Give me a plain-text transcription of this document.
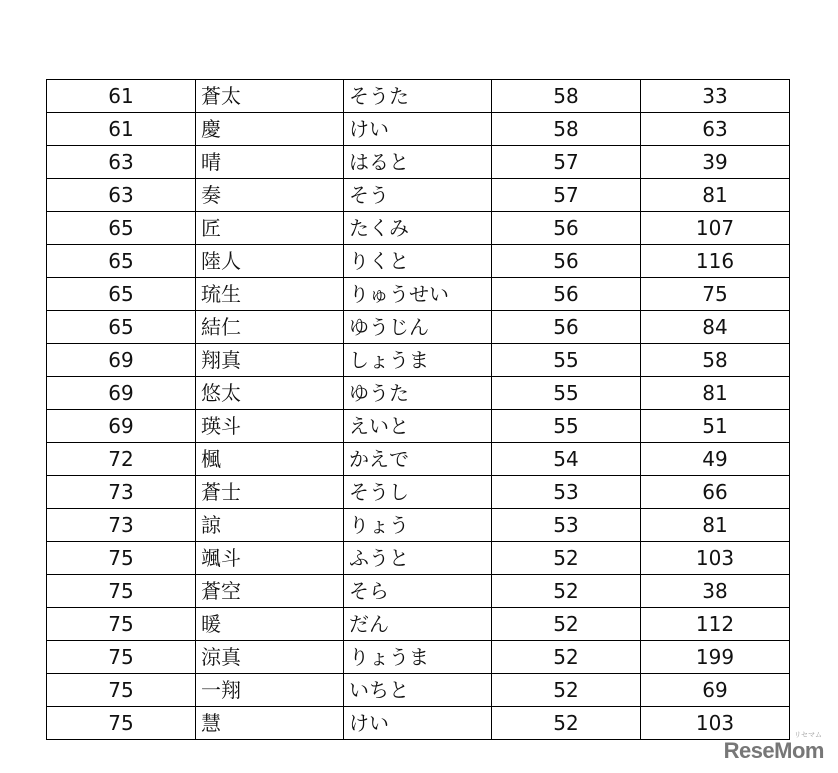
61	蒼太	そうた	58	33
61	慶	けい	58	63
63	晴	はると	57	39
63	奏	そう	57	81
65	匠	たくみ	56	107
65	陸人	りくと	56	116
65	琉生	りゅうせい	56	75
65	結仁	ゆうじん	56	84
69	翔真	しょうま	55	58
69	悠太	ゆうた	55	81
69	瑛斗	えいと	55	51
72	楓	かえで	54	49
73	蒼士	そうし	53	66
73	諒	りょう	53	81
75	颯斗	ふうと	52	103
75	蒼空	そら	52	38
75	暖	だん	52	112
75	涼真	りょうま	52	199
75	一翔	いちと	52	69
75	慧	けい	52	103
ReseMom
リセマム
